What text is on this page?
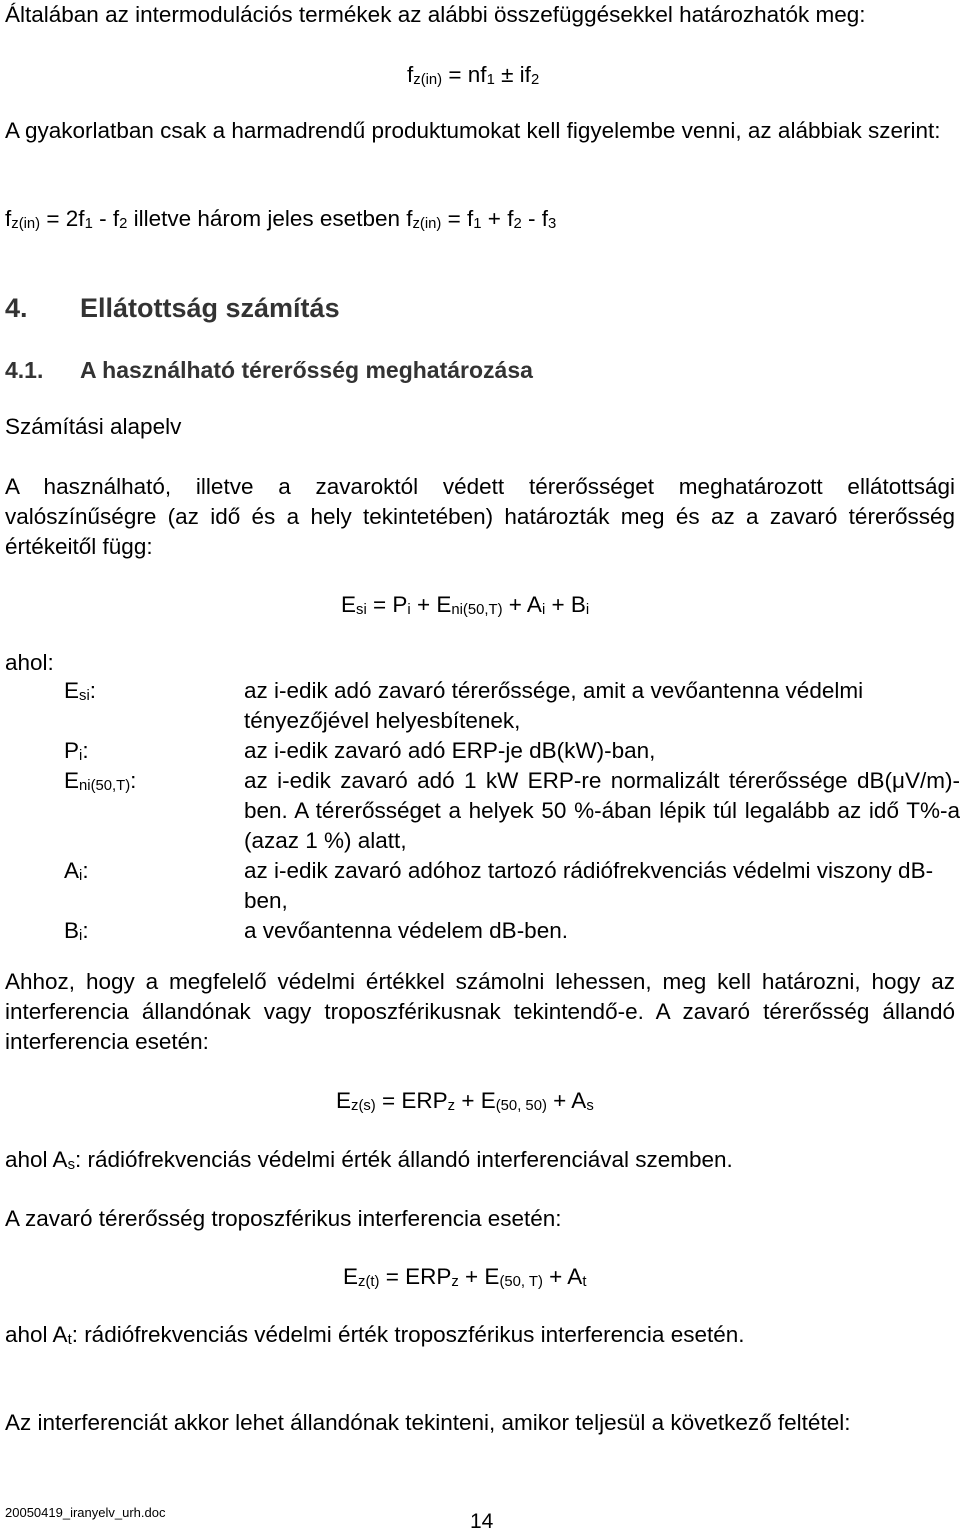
Általában az intermodulációs termékek az alábbi összefüggésekkel határozhatók meg:
$f_{z(in)} = nf_1 \pm if_2$
A gyakorlatban csak a harmadrendű produktumokat kell figyelembe venni, az alábbiak szerint:
$f_{z(in)} = 2f_1 - f_2$ illetve három jeles esetben $f_{z(in)} = f_1 + f_2 - f_3$
4. Ellátottság számítás
4.1. A használható térerősség meghatározása
Számítási alapelv
A használható, illetve a zavaroktól védett térerősséget meghatározott ellátottsági valószínűségre (az idő és a hely tekintetében) határozták meg és az a zavaró térerősség értékeitől függ:
$E_{si} = P_i + E_{ni(50,T)} + A_i + B_i$
ahol:
$E_{si}$:	az i-edik adó zavaró térerőssége, amit a vevőantenna védelmi tényezőjével helyesbítenek,
$P_i$:	az i-edik zavaró adó ERP-je dB(kW)-ban,
$E_{ni(50,T)}$:	az i-edik zavaró adó 1 kW ERP-re normalizált térerőssége dB(μV/m)-ben. A térerősséget a helyek 50 %-ában lépik túl legalább az idő T%-a (azaz 1 %) alatt,
$A_i$:	az i-edik zavaró adóhoz tartozó rádiófrekvenciás védelmi viszony dB-ben,
$B_i$:	a vevőantenna védelem dB-ben.
Ahhoz, hogy a megfelelő védelmi értékkel számolni lehessen, meg kell határozni, hogy az interferencia állandónak vagy troposzférikusnak tekintendő-e. A zavaró térerősség állandó interferencia esetén:
$E_{z(s)} = ERP_z + E_{(50, 50)} + A_s$
ahol $A_s$: rádiófrekvenciás védelmi érték állandó interferenciával szemben.
A zavaró térerősség troposzférikus interferencia esetén:
$E_{z(t)} = ERP_z + E_{(50, T)} + A_t$
ahol $A_t$: rádiófrekvenciás védelmi érték troposzférikus interferencia esetén.
Az interferenciát akkor lehet állandónak tekinteni, amikor teljesül a következő feltétel:
20050419_iranyelv_urh.doc	14
